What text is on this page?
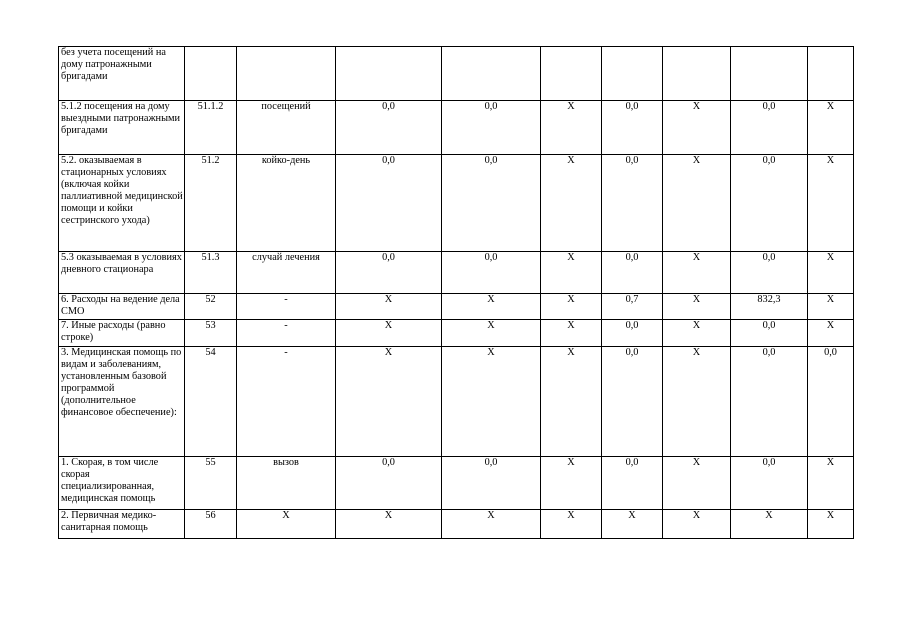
без учета посещений на дому патронажными бригадами									
5.1.2 посещения на дому выездными патронажными бригадами	51.1.2	посещений	0,0	0,0	X	0,0	X	0,0	X
5.2. оказываемая в стационарных условиях (включая койки паллиативной медицинской помощи и койки сестринского ухода)	51.2	койко-день	0,0	0,0	X	0,0	X	0,0	X
5.3 оказываемая в условиях дневного стационара	51.3	случай лечения	0,0	0,0	X	0,0	X	0,0	X
6. Расходы на ведение дела СМО	52	-	X	X	X	0,7	X	832,3	X
7. Иные расходы (равно строке)	53	-	X	X	X	0,0	X	0,0	X
3. Медицинская помощь по видам и заболеваниям, установленным базовой программой (дополнительное финансовое обеспечение):	54	-	X	X	X	0,0	X	0,0	0,0
1. Скорая, в том числе скорая специализированная, медицинская помощь	55	вызов	0,0	0,0	X	0,0	X	0,0	X
2. Первичная медико-санитарная помощь	56	X	X	X	X	X	X	X	X
